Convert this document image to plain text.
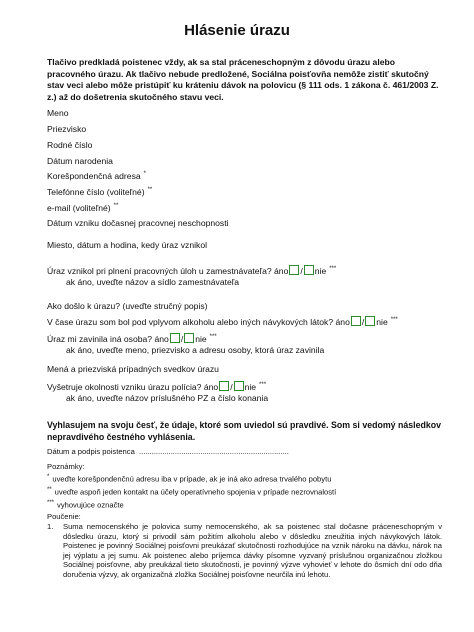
Hlásenie úrazu
Tlačivo predkladá poistenec vždy, ak sa stal práceneschopným z dôvodu úrazu alebo pracovného úrazu. Ak tlačivo nebude predložené, Sociálna poisťovňa nemôže zistiť skutočný stav veci alebo môže pristúpiť ku kráteniu dávok na polovicu (§ 111 ods. 1 zákona č. 461/2003 Z. z.) až do došetrenia skutočného stavu veci.
Meno
Priezvisko
Rodné číslo
Dátum narodenia
Korešpondenčná adresa *
Telefónne číslo (voliteľné) **
e-mail (voliteľné) **
Dátum vzniku dočasnej pracovnej neschopnosti
Miesto, dátum a hodina, kedy úraz vznikol
Úraz vznikol pri plnení pracovných úloh u zamestnávateľa? áno / nie ***
ak áno, uveďte názov a sídlo zamestnávateľa
Ako došlo k úrazu? (uveďte stručný popis)
V čase úrazu som bol pod vplyvom alkoholu alebo iných návykových látok? áno / nie ***
Úraz mi zavinila iná osoba? áno / nie ***
ak áno, uveďte meno, priezvisko a adresu osoby, ktorá úraz zavinila
Mená a priezviská prípadných svedkov úrazu
Vyšetruje okolnosti vzniku úrazu polícia? áno / nie ***
ak áno, uveďte názov príslušného PZ a číslo konania
Vyhlasujem na svoju česť, že údaje, ktoré som uviedol sú pravdivé. Som si vedomý následkov nepravdivého čestného vyhlásenia.
Dátum a podpis poistenca .......................................................................
Poznámky:
* uveďte korešpondenčnú adresu iba v prípade, ak je iná ako adresa trvalého pobytu
** uveďte aspoň jeden kontakt na účely operatívneho spojenia v prípade nezrovnalostí
*** vyhovujúce označte
Poučenie:
1. Suma nemocenského je polovica sumy nemocenského, ak sa poistenec stal dočasne práceneschopným v dôsledku úrazu, ktorý si privodil sám požitím alkoholu alebo v dôsledku zneužitia iných návykových látok. Poistenec je povinný Sociálnej poisťovni preukázať skutočnosti rozhodujúce na vznik nároku na dávku, nárok na jej výplatu a jej sumu. Ak poistenec alebo príjemca dávky písomne vyzvaný príslušnou organizačnou zložkou Sociálnej poisťovne, aby preukázal tieto skutočnosti, je povinný výzve vyhovieť v lehote do ôsmich dní odo dňa doručenia výzvy, ak organizačná zložka Sociálnej poisťovne neurčila inú lehotu.
